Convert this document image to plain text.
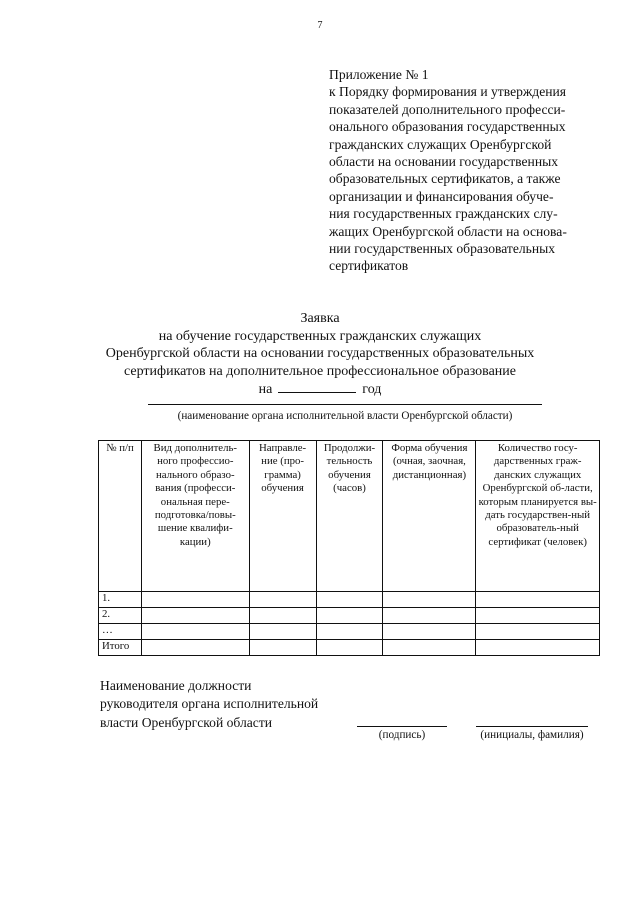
7
Приложение № 1
к Порядку формирования и утверждения
показателей дополнительного професси-
онального образования государственных
гражданских служащих Оренбургской
области на основании государственных
образовательных сертификатов, а также
организации и финансирования обуче-
ния государственных гражданских слу-
жащих Оренбургской области на основа-
нии государственных образовательных
сертификатов
Заявка
на обучение государственных гражданских служащих
Оренбургской области на основании государственных образовательных
сертификатов на дополнительное профессиональное образование
на	год
(наименование органа исполнительной власти Оренбургской области)
№ п/п	Вид дополнитель-ного профессио-нального образо-вания (професси-ональная пере-подготовка/повы-шение квалифи-кации)	Направле-ние (про-грамма) обучения	Продолжи-тельность обучения (часов)	Форма обучения (очная, заочная, дистанционная)	Количество госу-дарственных граж-данских служащих Оренбургской об-ласти, которым планируется вы-дать государствен-ный образователь-ный сертификат (человек)
1.					
2.					
…					
Итого					
Наименование должности
руководителя органа исполнительной
власти Оренбургской области
(подпись)	(инициалы, фамилия)
